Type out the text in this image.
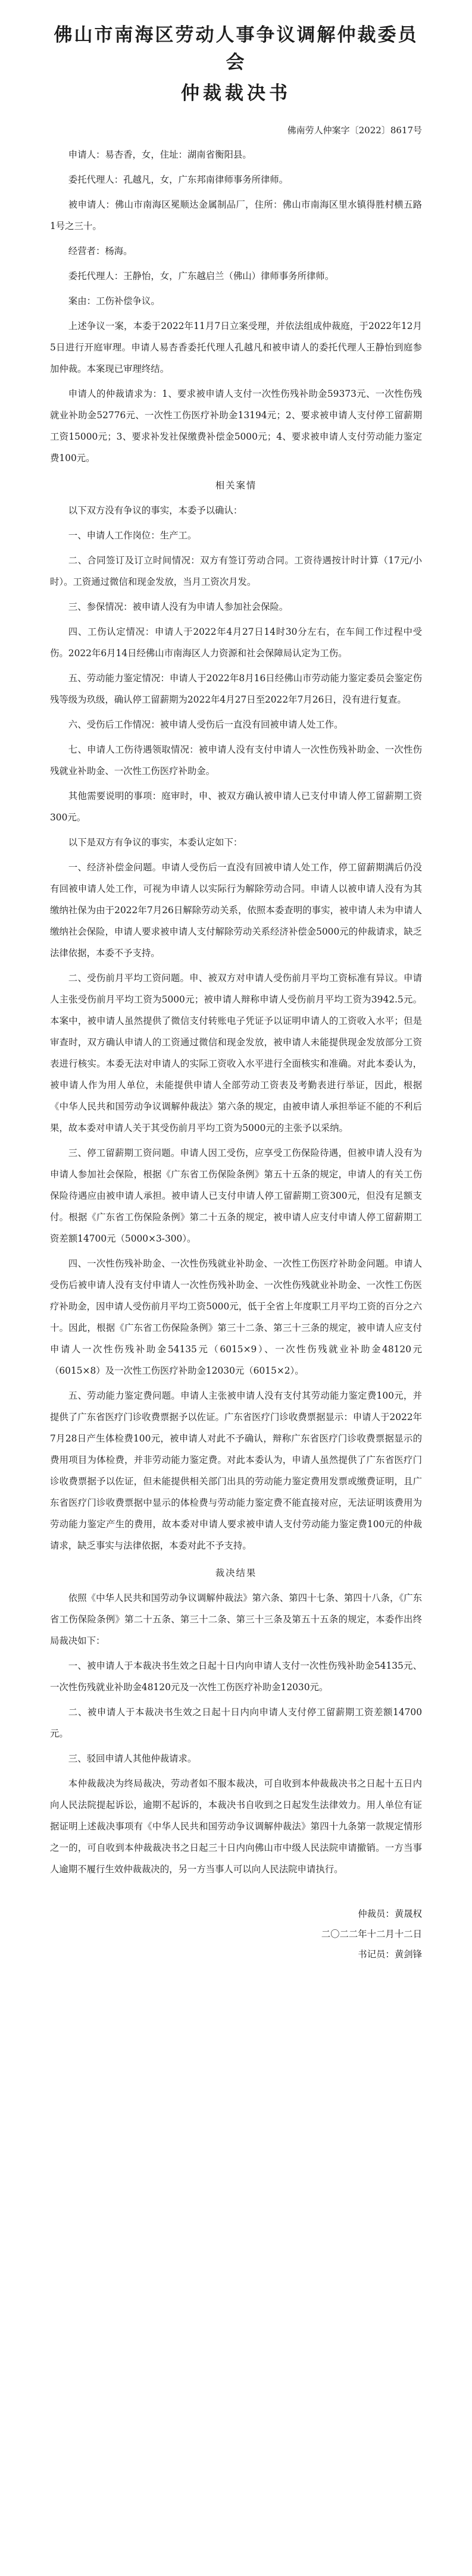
佛山市南海区劳动人事争议调解仲裁委员会
仲裁裁决书
佛南劳人仲案字〔2022〕8617号

申请人：易杏香，女，住址：湖南省衡阳县。

委托代理人：孔越凡，女，广东邦南律师事务所律师。

被申请人：佛山市南海区冕顺达金属制品厂，住所：佛山市南海区里水镇得胜村横五路1号之三十。

经营者：杨海。

委托代理人：王静怡，女，广东越启兰（佛山）律师事务所律师。

案由：工伤补偿争议。

上述争议一案，本委于2022年11月7日立案受理，并依法组成仲裁庭，于2022年12月5日进行开庭审理。申请人易杏香委托代理人孔越凡和被申请人的委托代理人王静怡到庭参加仲裁。本案现已审理终结。

申请人的仲裁请求为：1、要求被申请人支付一次性伤残补助金59373元、一次性伤残就业补助金52776元、一次性工伤医疗补助金13194元；2、要求被申请人支付停工留薪期工资15000元；3、要求补发社保缴费补偿金5000元；4、要求被申请人支付劳动能力鉴定费100元。

相关案情

以下双方没有争议的事实，本委予以确认：

一、申请人工作岗位：生产工。

二、合同签订及订立时间情况：双方有签订劳动合同。工资待遇按计时计算（17元/小时）。工资通过微信和现金发放，当月工资次月发。

三、参保情况：被申请人没有为申请人参加社会保险。

四、工伤认定情况：申请人于2022年4月27日14时30分左右，在车间工作过程中受伤。2022年6月14日经佛山市南海区人力资源和社会保障局认定为工伤。

五、劳动能力鉴定情况：申请人于2022年8月16日经佛山市劳动能力鉴定委员会鉴定伤残等级为玖级，确认停工留薪期为2022年4月27日至2022年7月26日，没有进行复查。

六、受伤后工作情况：被申请人受伤后一直没有回被申请人处工作。

七、申请人工伤待遇领取情况：被申请人没有支付申请人一次性伤残补助金、一次性伤残就业补助金、一次性工伤医疗补助金。

其他需要说明的事项：庭审时，申、被双方确认被申请人已支付申请人停工留薪期工资300元。

以下是双方有争议的事实，本委认定如下：

一、经济补偿金问题。申请人受伤后一直没有回被申请人处工作，停工留薪期满后仍没有回被申请人处工作，可视为申请人以实际行为解除劳动合同。申请人以被申请人没有为其缴纳社保为由于2022年7月26日解除劳动关系，依照本委查明的事实，被申请人未为申请人缴纳社会保险，申请人要求被申请人支付解除劳动关系经济补偿金5000元的仲裁请求，缺乏法律依据，本委不予支持。

二、受伤前月平均工资问题。申、被双方对申请人受伤前月平均工资标准有异议。申请人主张受伤前月平均工资为5000元；被申请人辩称申请人受伤前月平均工资为3942.5元。本案中，被申请人虽然提供了微信支付转账电子凭证予以证明申请人的工资收入水平；但是审查时，双方确认申请人的工资通过微信和现金发放，被申请人未能提供现金发放部分工资表进行核实。本委无法对申请人的实际工资收入水平进行全面核实和准确。对此本委认为，被申请人作为用人单位，未能提供申请人全部劳动工资表及考勤表进行举证，因此，根据《中华人民共和国劳动争议调解仲裁法》第六条的规定，由被申请人承担举证不能的不利后果，故本委对申请人关于其受伤前月平均工资为5000元的主张予以采纳。

三、停工留薪期工资问题。申请人因工受伤，应享受工伤保险待遇，但被申请人没有为申请人参加社会保险，根据《广东省工伤保险条例》第五十五条的规定，申请人的有关工伤保险待遇应由被申请人承担。被申请人已支付申请人停工留薪期工资300元，但没有足额支付。根据《广东省工伤保险条例》第二十五条的规定，被申请人应支付申请人停工留薪期工资差额14700元（5000×3-300）。

四、一次性伤残补助金、一次性伤残就业补助金、一次性工伤医疗补助金问题。申请人受伤后被申请人没有支付申请人一次性伤残补助金、一次性伤残就业补助金、一次性工伤医疗补助金，因申请人受伤前月平均工资5000元，低于全省上年度职工月平均工资的百分之六十。因此，根据《广东省工伤保险条例》第三十二条、第三十三条的规定，被申请人应支付申请人一次性伤残补助金54135元（6015×9）、一次性伤残就业补助金48120元（6015×8）及一次性工伤医疗补助金12030元（6015×2）。

五、劳动能力鉴定费问题。申请人主张被申请人没有支付其劳动能力鉴定费100元，并提供了广东省医疗门诊收费票据予以佐证。广东省医疗门诊收费票据显示：申请人于2022年7月28日产生体检费100元，被申请人对此不予确认，辩称广东省医疗门诊收费票据显示的费用项目为体检费，并非劳动能力鉴定费。对此本委认为，申请人虽然提供了广东省医疗门诊收费票据予以佐证，但未能提供相关部门出具的劳动能力鉴定费用发票或缴费证明，且广东省医疗门诊收费票据中显示的体检费与劳动能力鉴定费不能直接对应，无法证明该费用为劳动能力鉴定产生的费用，故本委对申请人要求被申请人支付劳动能力鉴定费100元的仲裁请求，缺乏事实与法律依据，本委对此不予支持。

裁决结果

依照《中华人民共和国劳动争议调解仲裁法》第六条、第四十七条、第四十八条，《广东省工伤保险条例》第二十五条、第三十二条、第三十三条及第五十五条的规定，本委作出终局裁决如下：

一、被申请人于本裁决书生效之日起十日内向申请人支付一次性伤残补助金54135元、一次性伤残就业补助金48120元及一次性工伤医疗补助金12030元。

二、被申请人于本裁决书生效之日起十日内向申请人支付停工留薪期工资差额14700元。

三、驳回申请人其他仲裁请求。

本仲裁裁决为终局裁决，劳动者如不服本裁决，可自收到本仲裁裁决书之日起十五日内向人民法院提起诉讼，逾期不起诉的，本裁决书自收到之日起发生法律效力。用人单位有证据证明上述裁决事项有《中华人民共和国劳动争议调解仲裁法》第四十九条第一款规定情形之一的，可自收到本仲裁裁决书之日起三十日内向佛山市中级人民法院申请撤销。一方当事人逾期不履行生效仲裁裁决的，另一方当事人可以向人民法院申请执行。

仲裁员：黄晟权

二〇二二年十二月十二日

书记员：黄剑锋
